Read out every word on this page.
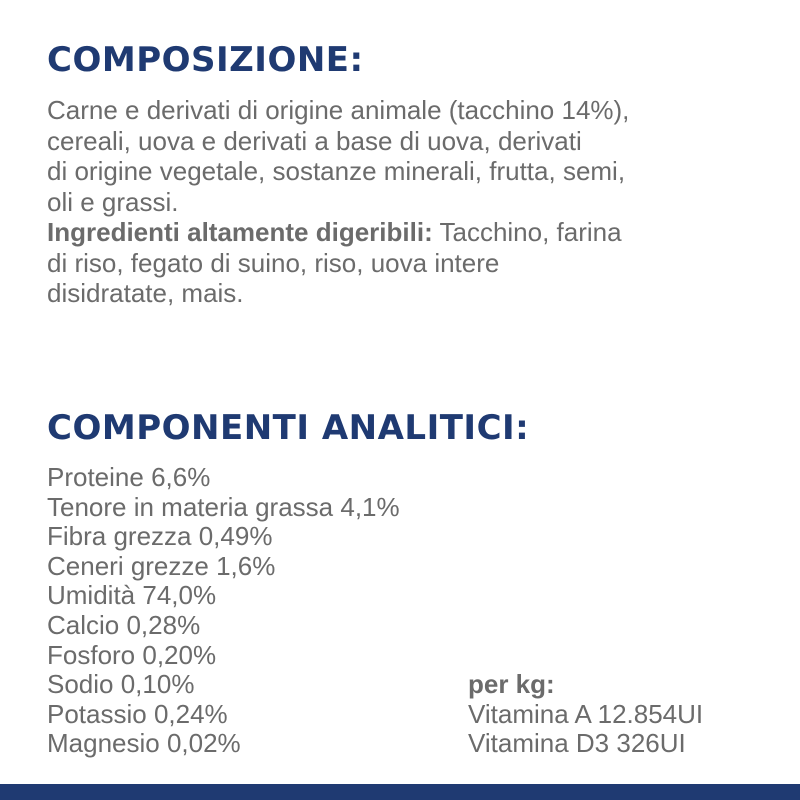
COMPOSIZIONE:
Carne e derivati di origine animale (tacchino 14%),
cereali, uova e derivati a base di uova, derivati
di origine vegetale, sostanze minerali, frutta, semi,
oli e grassi.
Ingredienti altamente digeribili: Tacchino, farina
di riso, fegato di suino, riso, uova intere
disidratate, mais.
COMPONENTI ANALITICI:
Proteine 6,6%
Tenore in materia grassa 4,1%
Fibra grezza 0,49%
Ceneri grezze 1,6%
Umidità 74,0%
Calcio 0,28%
Fosforo 0,20%
Sodio 0,10%
Potassio 0,24%
Magnesio 0,02%
per kg:
Vitamina A 12.854UI
Vitamina D3 326UI
